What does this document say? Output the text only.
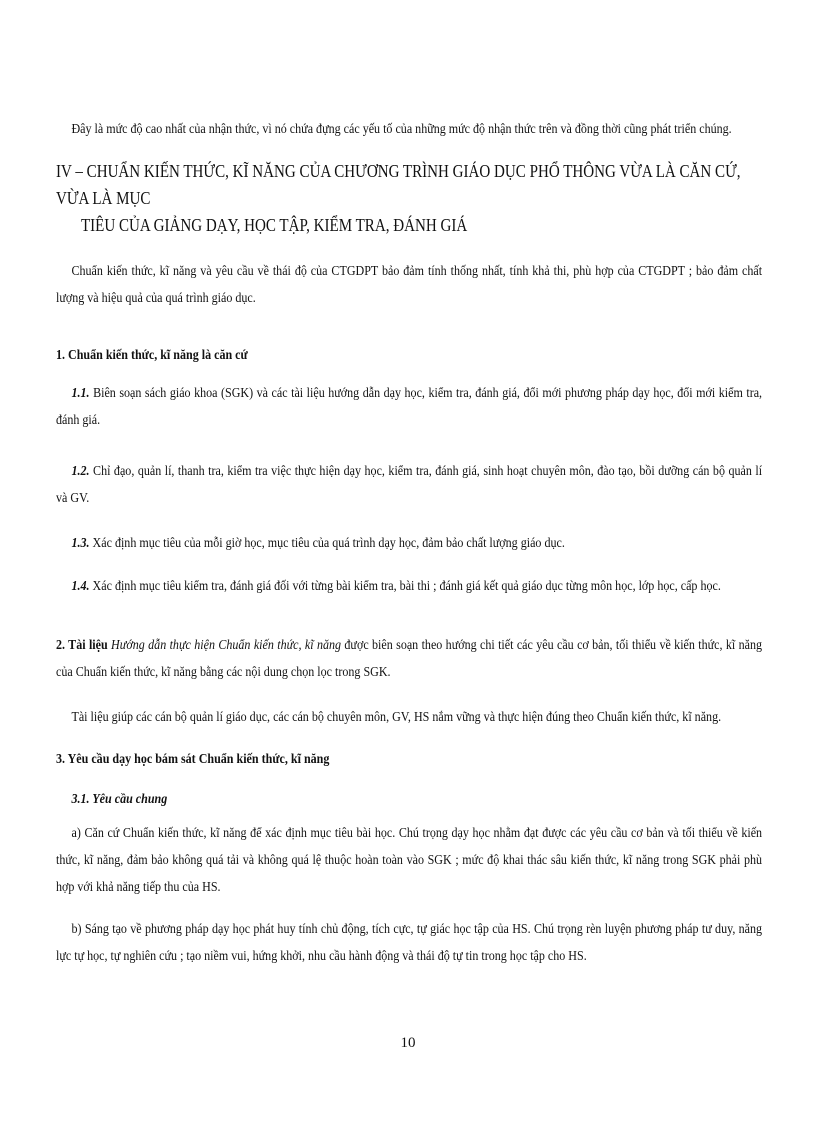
Đây là mức độ cao nhất của nhận thức, vì nó chứa đựng các yếu tố của những mức độ nhận thức trên và đồng thời cũng phát triển chúng.
IV – CHUẨN KIẾN THỨC, KĨ NĂNG CỦA CHƯƠNG TRÌNH GIÁO DỤC PHỔ THÔNG VỪA LÀ CĂN CỨ, VỪA LÀ MỤC
TIÊU CỦA GIẢNG DẠY, HỌC TẬP, KIỂM TRA, ĐÁNH GIÁ
Chuẩn kiến thức, kĩ năng và yêu cầu về thái độ của CTGDPT bảo đảm tính thống nhất, tính khả thi, phù hợp của CTGDPT ; bảo đảm chất lượng và hiệu quả của quá trình giáo dục.
1. Chuẩn kiến thức, kĩ năng là căn cứ
1.1. Biên soạn sách giáo khoa (SGK) và các tài liệu hướng dẫn dạy học, kiểm tra, đánh giá, đổi mới phương pháp dạy học, đổi mới kiểm tra, đánh giá.
1.2. Chỉ đạo, quản lí, thanh tra, kiểm tra việc thực hiện dạy học, kiểm tra, đánh giá, sinh hoạt chuyên môn, đào tạo, bồi dưỡng cán bộ quản lí và GV.
1.3. Xác định mục tiêu của mỗi giờ học, mục tiêu của quá trình dạy học, đảm bảo chất lượng giáo dục.
1.4. Xác định mục tiêu kiểm tra, đánh giá đối với từng bài kiểm tra, bài thi ; đánh giá kết quả giáo dục từng môn học, lớp học, cấp học.
2. Tài liệu Hướng dẫn thực hiện Chuẩn kiến thức, kĩ năng được biên soạn theo hướng chi tiết các yêu cầu cơ bản, tối thiểu về kiến thức, kĩ năng của Chuẩn kiến thức, kĩ năng bằng các nội dung chọn lọc trong SGK.
Tài liệu giúp các cán bộ quản lí giáo dục, các cán bộ chuyên môn, GV, HS nắm vững và thực hiện đúng theo Chuẩn kiến thức, kĩ năng.
3. Yêu cầu dạy học bám sát Chuẩn kiến thức, kĩ năng
3.1. Yêu cầu chung
a) Căn cứ Chuẩn kiến thức, kĩ năng để xác định mục tiêu bài học. Chú trọng dạy học nhằm đạt được các yêu cầu cơ bản và tối thiểu về kiến thức, kĩ năng, đảm bảo không quá tải và không quá lệ thuộc hoàn toàn vào SGK ; mức độ khai thác sâu kiến thức, kĩ năng trong SGK phải phù hợp với khả năng tiếp thu của HS.
b) Sáng tạo về phương pháp dạy học phát huy tính chủ động, tích cực, tự giác học tập của HS. Chú trọng rèn luyện phương pháp tư duy, năng lực tự học, tự nghiên cứu ; tạo niềm vui, hứng khởi, nhu cầu hành động và thái độ tự tin trong học tập cho HS.
10
